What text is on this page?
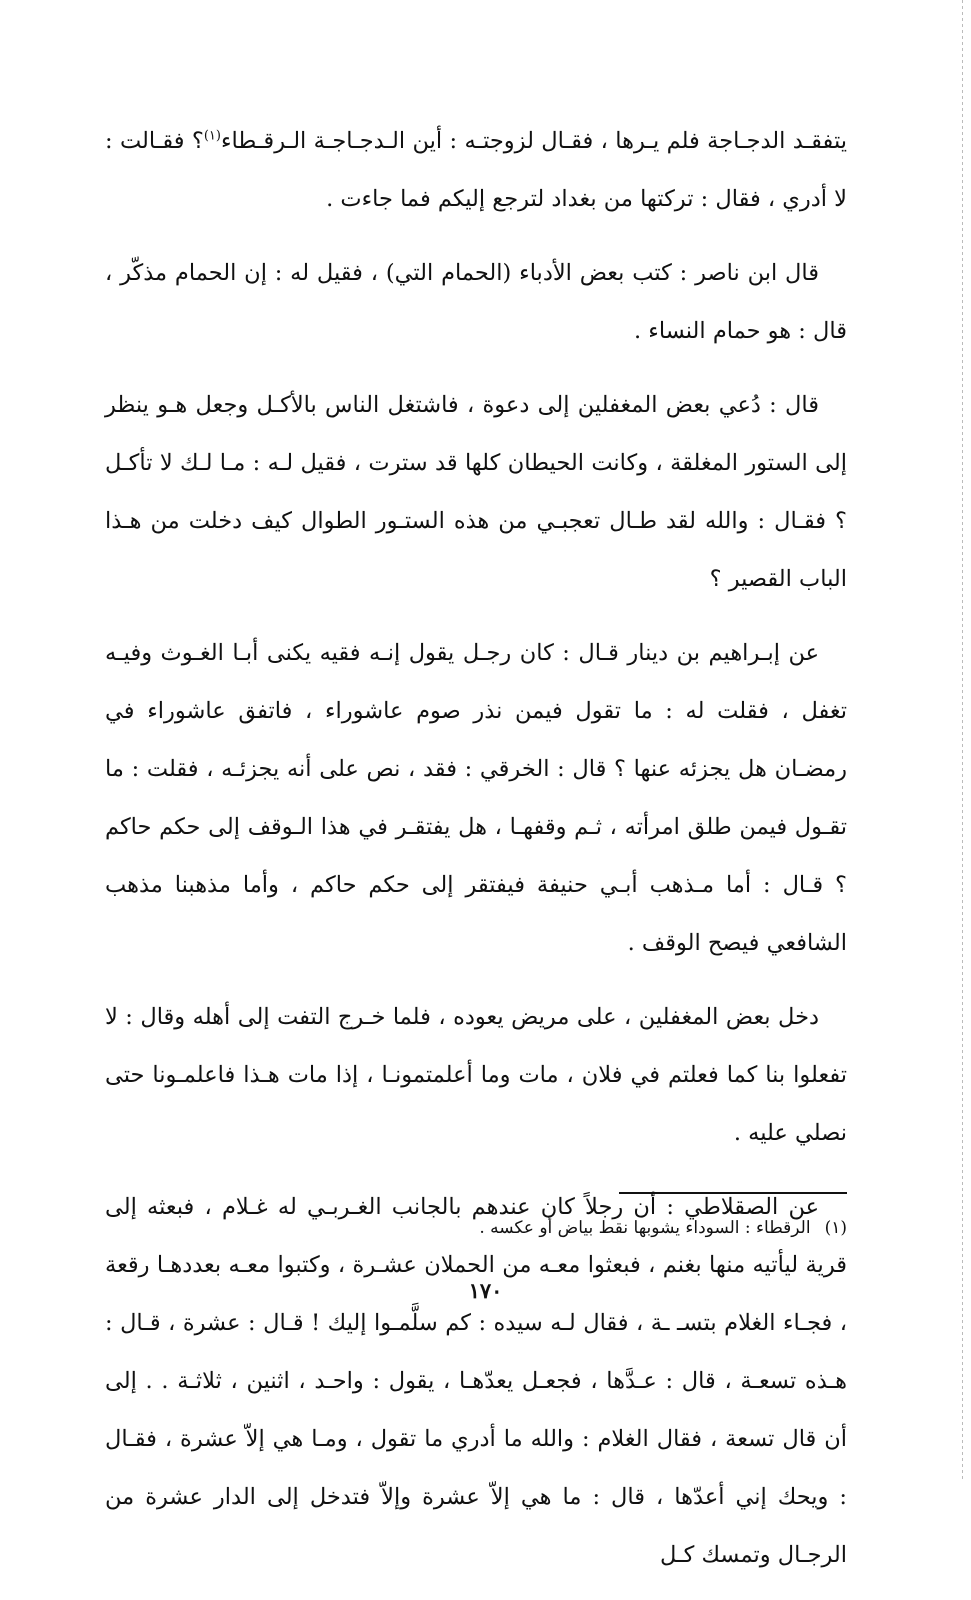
يتفقـد الدجـاجة فلم يـرها ، فقـال لزوجتـه : أين الـدجـاجـة الـرقـطاء$^{(١)}$؟ فقـالت : لا أدري ، فقال : تركتها من بغداد لترجع إليكم فما جاءت .

قال ابن ناصر : كتب بعض الأدباء (الحمام التي) ، فقيل له : إن الحمام مذكّر ، قال : هو حمام النساء .

قال : دُعي بعض المغفلين إلى دعوة ، فاشتغل الناس بالأكـل وجعل هـو ينظر إلى الستور المغلقة ، وكانت الحيطان كلها قد سترت ، فقيل لـه : مـا لـك لا تأكـل ؟ فقـال : والله لقد طـال تعجبـي من هذه الستـور الطوال كيف دخلت من هـذا الباب القصير ؟

عن إبـراهيم بن دينار قـال : كان رجـل يقول إنـه فقيه يكنى أبـا الغـوث وفيـه تغفل ، فقلت له : ما تقول فيمن نذر صوم عاشوراء ، فاتفق عاشوراء في رمضـان هل يجزئه عنها ؟ قال : الخرقي : فقد ، نص على أنه يجزئـه ، فقلت : ما تقـول فيمن طلق امرأته ، ثـم وقفهـا ، هل يفتقـر في هذا الـوقف إلى حكم حاكم ؟ قـال : أما مـذهب أبـي حنيفة فيفتقر إلى حكم حاكم ، وأما مذهبنا مذهب الشافعي فيصح الوقف .

دخل بعض المغفلين ، على مريض يعوده ، فلما خـرج التفت إلى أهله وقال : لا تفعلوا بنا كما فعلتم في فلان ، مات وما أعلمتمونـا ، إذا مات هـذا فاعلمـونا حتى نصلي عليه .

عن الصقلاطي : أن رجلاً كان عندهم بالجانب الغـربـي له غـلام ، فبعثه إلى قرية ليأتيه منها بغنم ، فبعثوا معـه من الحملان عشـرة ، وكتبوا معـه بعددهـا رقعة ، فجـاء الغلام بتسـ ـة ، فقال لـه سيده : كم سلَّمـوا إليك ! قـال : عشرة ، قـال : هـذه تسعـة ، قال : عـدَّها ، فجعـل يعدّهـا ، يقول : واحـد ، اثنين ، ثلاثـة . . إلى أن قال تسعة ، فقال الغلام : والله ما أدري ما تقول ، ومـا هي إلاّ عشرة ، فقـال : ويحك إني أعدّها ، قال : ما هي إلاّ عشرة وإلاّ فتدخل إلى الدار عشرة من الرجـال وتمسك كـل

(١)الرقطاء : السوداء يشوبها نقط بياض أو عكسه .
١٧٠
